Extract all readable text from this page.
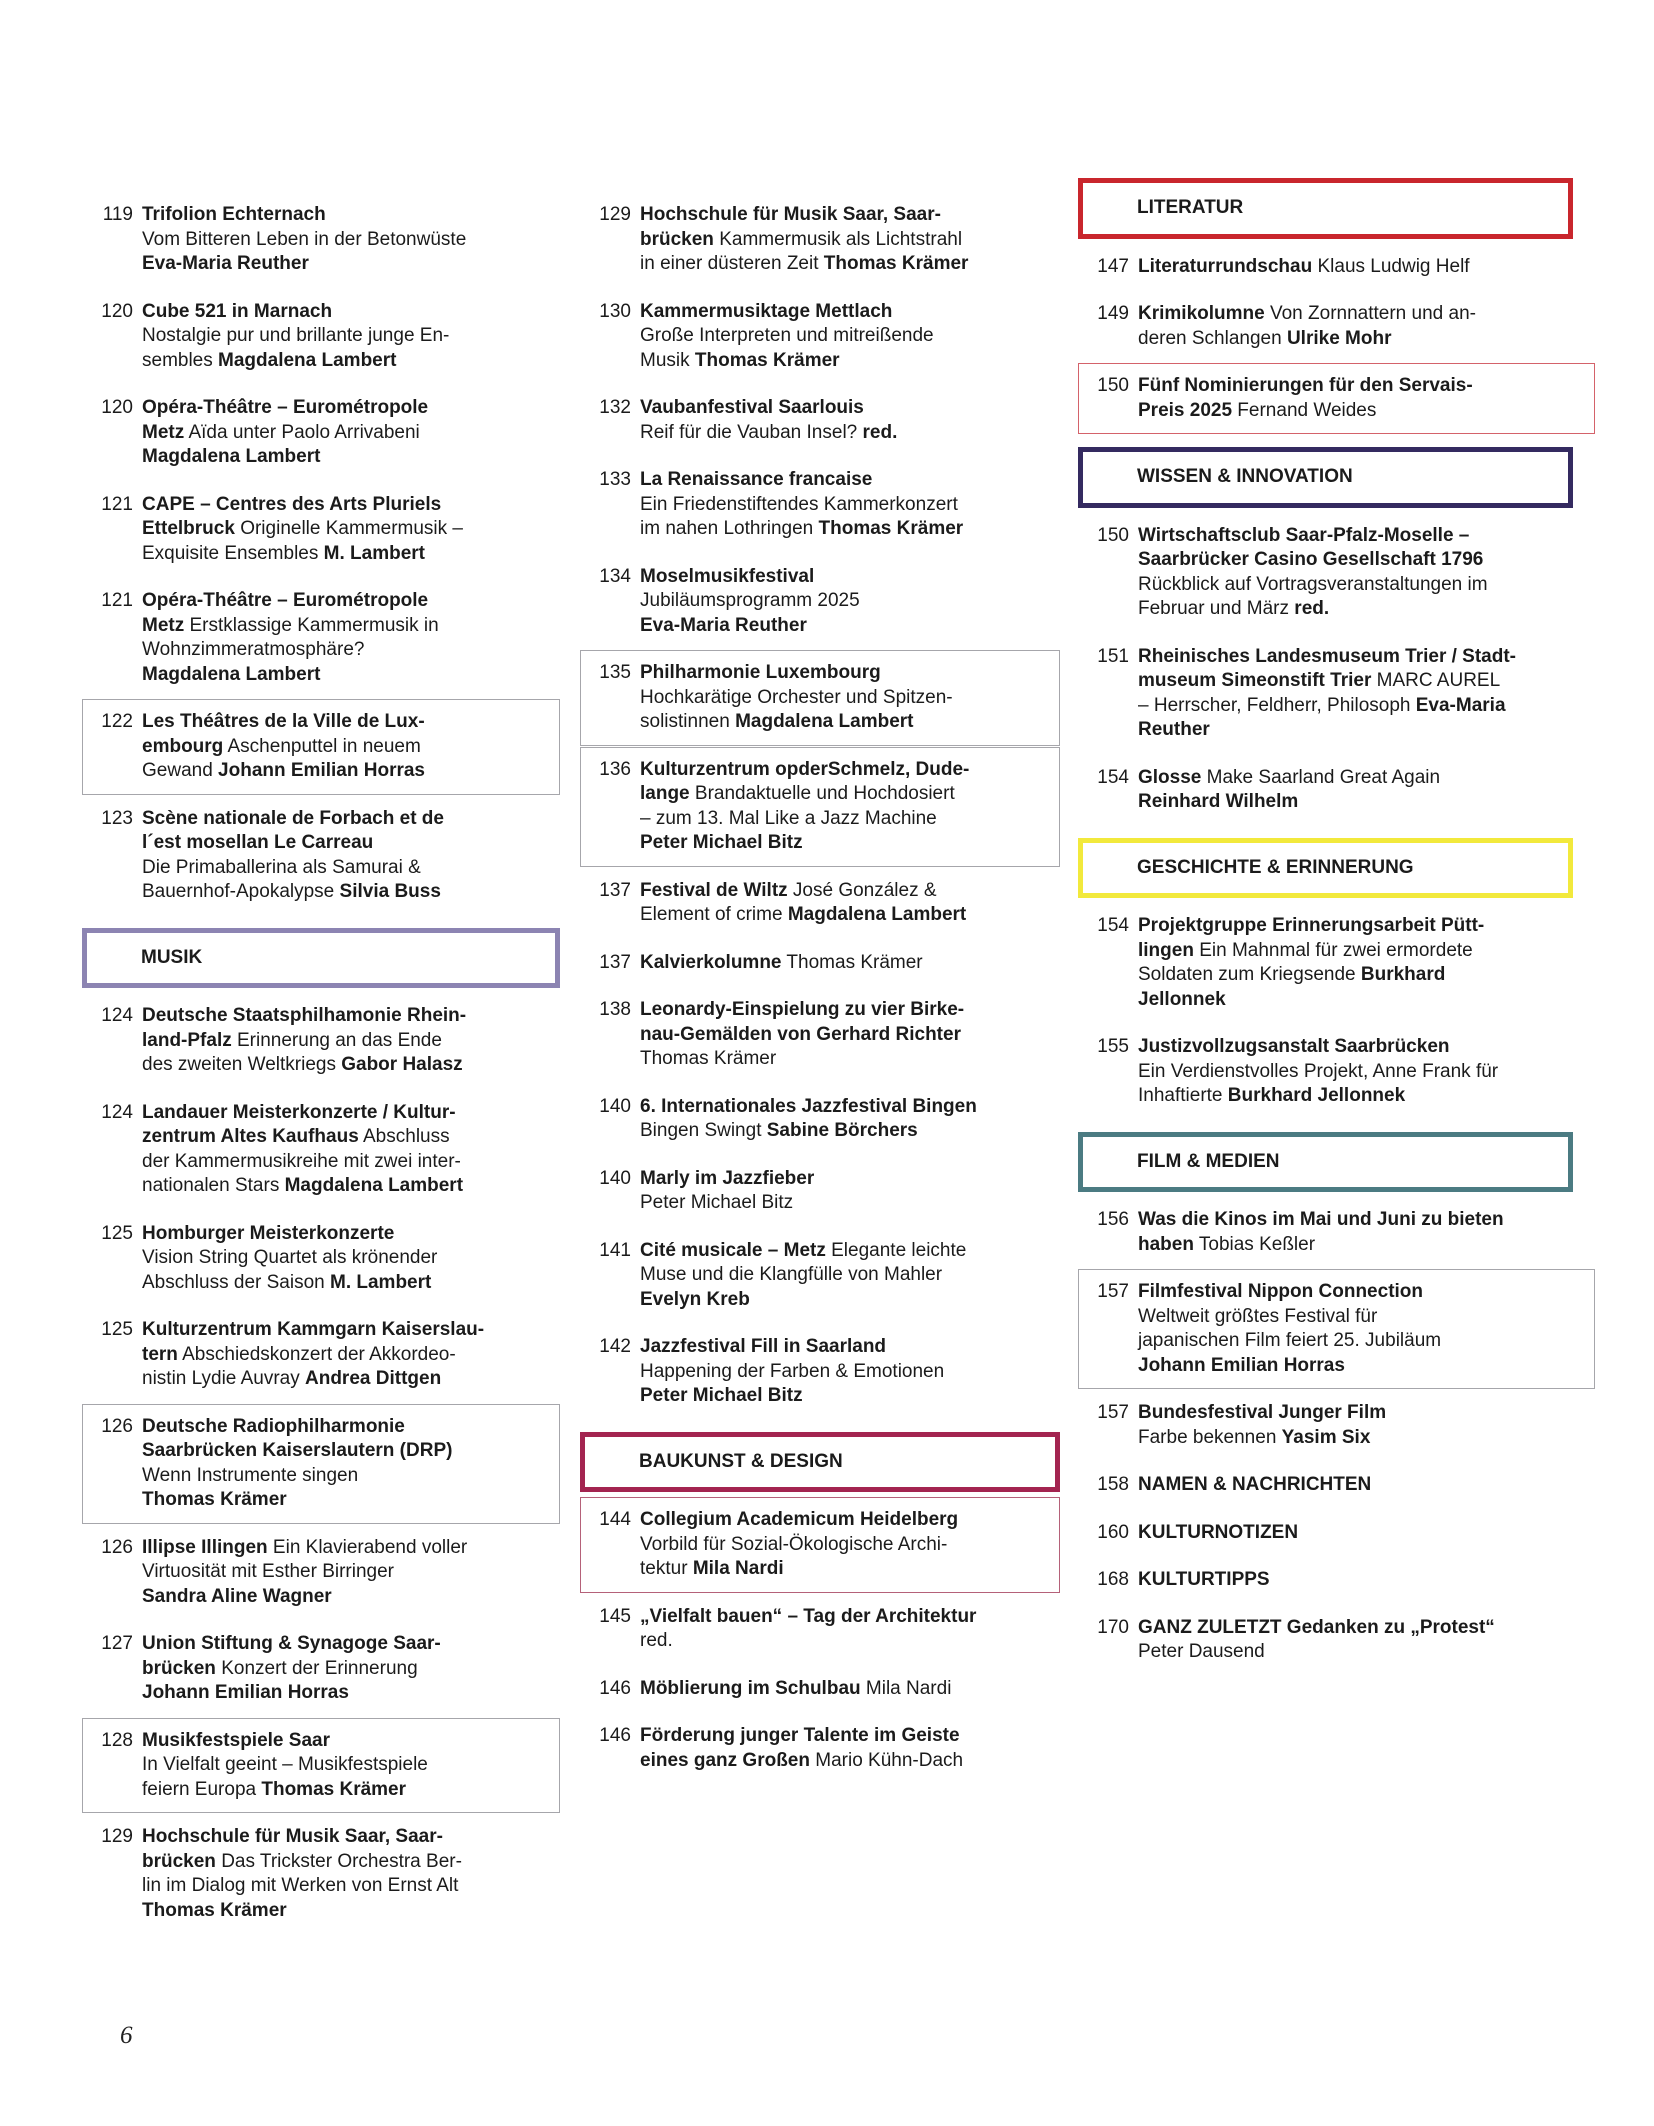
119 Trifolion Echternach
Vom Bitteren Leben in der Betonwüste
Eva-Maria Reuther
120 Cube 521 in Marnach
Nostalgie pur und brillante junge En-
sembles Magdalena Lambert
120 Opéra-Théâtre – Eurométropole
Metz Aïda unter Paolo Arrivabeni
Magdalena Lambert
121 CAPE – Centres des Arts Pluriels
Ettelbruck Originelle Kammermusik –
Exquisite Ensembles M. Lambert
121 Opéra-Théâtre – Eurométropole
Metz Erstklassige Kammermusik in
Wohnzimmeratmosphäre?
Magdalena Lambert
122 Les Théâtres de la Ville de Lux-
embourg Aschenputtel in neuem
Gewand Johann Emilian Horras
123 Scène nationale de Forbach et de
l´est mosellan Le Carreau
Die Primaballerina als Samurai &
Bauernhof-Apokalypse Silvia Buss
MUSIK
124 Deutsche Staatsphilhamonie Rhein-
land-Pfalz Erinnerung an das Ende
des zweiten Weltkriegs Gabor Halasz
124 Landauer Meisterkonzerte / Kultur-
zentrum Altes Kaufhaus Abschluss
der Kammermusikreihe mit zwei inter-
nationalen Stars Magdalena Lambert
125 Homburger Meisterkonzerte
Vision String Quartet als krönender
Abschluss der Saison M. Lambert
125 Kulturzentrum Kammgarn Kaiserslau-
tern Abschiedskonzert der Akkordeo-
nistin Lydie Auvray Andrea Dittgen
126 Deutsche Radiophilharmonie
Saarbrücken Kaiserslautern (DRP)
Wenn Instrumente singen
Thomas Krämer
126 Illipse Illingen Ein Klavierabend voller
Virtuosität mit Esther Birringer
Sandra Aline Wagner
127 Union Stiftung & Synagoge Saar-
brücken Konzert der Erinnerung
Johann Emilian Horras
128 Musikfestspiele Saar
In Vielfalt geeint – Musikfestspiele
feiern Europa Thomas Krämer
129 Hochschule für Musik Saar, Saar-
brücken Das Trickster Orchestra Ber-
lin im Dialog mit Werken von Ernst Alt
Thomas Krämer
129 Hochschule für Musik Saar, Saar-
brücken Kammermusik als Lichtstrahl
in einer düsteren Zeit Thomas Krämer
130 Kammermusiktage Mettlach
Große Interpreten und mitreißende
Musik Thomas Krämer
132 Vaubanfestival Saarlouis
Reif für die Vauban Insel? red.
133 La Renaissance francaise
Ein Friedenstiftendes Kammerkonzert
im nahen Lothringen Thomas Krämer
134 Moselmusikfestival
Jubiläumsprogramm 2025
Eva-Maria Reuther
135 Philharmonie Luxembourg
Hochkarätige Orchester und Spitzen-
solistinnen Magdalena Lambert
136 Kulturzentrum opderSchmelz, Dude-
lange Brandaktuelle und Hochdosiert
– zum 13. Mal Like a Jazz Machine
Peter Michael Bitz
137 Festival de Wiltz José González &
Element of crime Magdalena Lambert
137 Kalvierkolumne Thomas Krämer
138 Leonardy-Einspielung zu vier Birke-
nau-Gemälden von Gerhard Richter
Thomas Krämer
140 6. Internationales Jazzfestival Bingen
Bingen Swingt Sabine Börchers
140 Marly im Jazzfieber
Peter Michael Bitz
141 Cité musicale – Metz Elegante leichte
Muse und die Klangfülle von Mahler
Evelyn Kreb
142 Jazzfestival Fill in Saarland
Happening der Farben & Emotionen
Peter Michael Bitz
BAUKUNST & DESIGN
144 Collegium Academicum Heidelberg
Vorbild für Sozial-Ökologische Archi-
tektur Mila Nardi
145 „Vielfalt bauen“ – Tag der Architektur
red.
146 Möblierung im Schulbau Mila Nardi
146 Förderung junger Talente im Geiste
eines ganz Großen Mario Kühn-Dach
LITERATUR
147 Literaturrundschau Klaus Ludwig Helf
149 Krimikolumne Von Zornnattern und an-
deren Schlangen Ulrike Mohr
150 Fünf Nominierungen für den Servais-
Preis 2025 Fernand Weides
WISSEN & INNOVATION
150 Wirtschaftsclub Saar-Pfalz-Moselle –
Saarbrücker Casino Gesellschaft 1796
Rückblick auf Vortragsveranstaltungen im
Februar und März red.
151 Rheinisches Landesmuseum Trier / Stadt-
museum Simeonstift Trier MARC AUREL
– Herrscher, Feldherr, Philosoph Eva-Maria
Reuther
154 Glosse Make Saarland Great Again
Reinhard Wilhelm
GESCHICHTE & ERINNERUNG
154 Projektgruppe Erinnerungsarbeit Pütt-
lingen Ein Mahnmal für zwei ermordete
Soldaten zum Kriegsende Burkhard
Jellonnek
155 Justizvollzugsanstalt Saarbrücken
Ein Verdienstvolles Projekt, Anne Frank für
Inhaftierte Burkhard Jellonnek
FILM & MEDIEN
156 Was die Kinos im Mai und Juni zu bieten
haben Tobias Keßler
157 Filmfestival Nippon Connection
Weltweit größtes Festival für
japanischen Film feiert 25. Jubiläum
Johann Emilian Horras
157 Bundesfestival Junger Film
Farbe bekennen Yasim Six
158 NAMEN & NACHRICHTEN
160 KULTURNOTIZEN
168 KULTURTIPPS
170 GANZ ZULETZT Gedanken zu „Protest“
Peter Dausend
6
